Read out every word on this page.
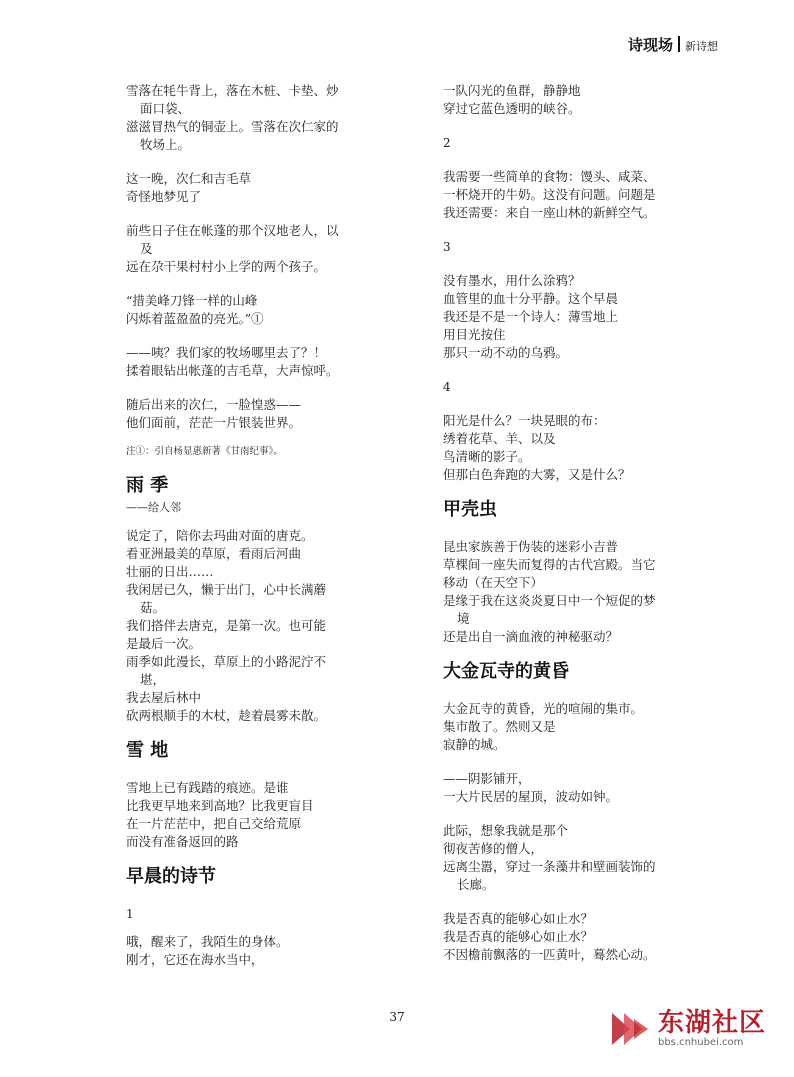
诗现场 新诗想
雪落在牦牛背上，落在木桩、卡垫、炒
面口袋、
滋滋冒热气的铜壶上。雪落在次仁家的
牧场上。
这一晚，次仁和吉毛草
奇怪地梦见了
前些日子住在帐蓬的那个汉地老人，以
及
远在尕干果村村小上学的两个孩子。
“措美峰刀锋一样的山峰
闪烁着蓝盈盈的亮光。”①
——咦？我们家的牧场哪里去了？！
揉着眼钻出帐蓬的吉毛草，大声惊呼。
随后出来的次仁，一脸惶惑——
他们面前，茫茫一片银装世界。
注①：引自杨显惠新著《甘南纪事》。
雨 季
——给人邻
说定了，陪你去玛曲对面的唐克。
看亚洲最美的草原，看雨后河曲
壮丽的日出……
我闲居已久，懒于出门，心中长满蘑
菇。
我们搭伴去唐克，是第一次。也可能
是最后一次。
雨季如此漫长，草原上的小路泥泞不
堪，
我去屋后林中
砍两根顺手的木杖，趁着晨雾未散。
雪 地
雪地上已有践踏的痕迹。是谁
比我更早地来到高地？比我更盲目
在一片茫茫中，把自己交给荒原
而没有准备返回的路
早晨的诗节
1
哦，醒来了，我陌生的身体。
刚才，它还在海水当中，
一队闪光的鱼群，静静地
穿过它蓝色透明的峡谷。
2
我需要一些简单的食物：馒头、咸菜、
一杯烧开的牛奶。这没有问题。问题是
我还需要：来自一座山林的新鲜空气。
3
没有墨水，用什么涂鸦？
血管里的血十分平静。这个早晨
我还是不是一个诗人：薄雪地上
用目光按住
那只一动不动的乌鸦。
4
阳光是什么？一块晃眼的布：
绣着花草、羊、以及
鸟清晰的影子。
但那白色奔跑的大雾，又是什么？
甲壳虫
昆虫家族善于伪装的迷彩小吉普
草棵间一座失而复得的古代宫殿。当它
移动（在天空下）
是缘于我在这炎炎夏日中一个短促的梦
境
还是出自一滴血液的神秘驱动？
大金瓦寺的黄昏
大金瓦寺的黄昏，光的喧闹的集市。
集市散了。然则又是
寂静的城。
——阴影铺开，
一大片民居的屋顶，波动如钟。
此际，想象我就是那个
彻夜苦修的僧人，
远离尘嚣，穿过一条藻井和壁画装饰的
长廊。
我是否真的能够心如止水？
我是否真的能够心如止水？
不因檐前飘落的一匹黄叶，蓦然心动。
37	东湖社区
bbs.cnhubei.com
